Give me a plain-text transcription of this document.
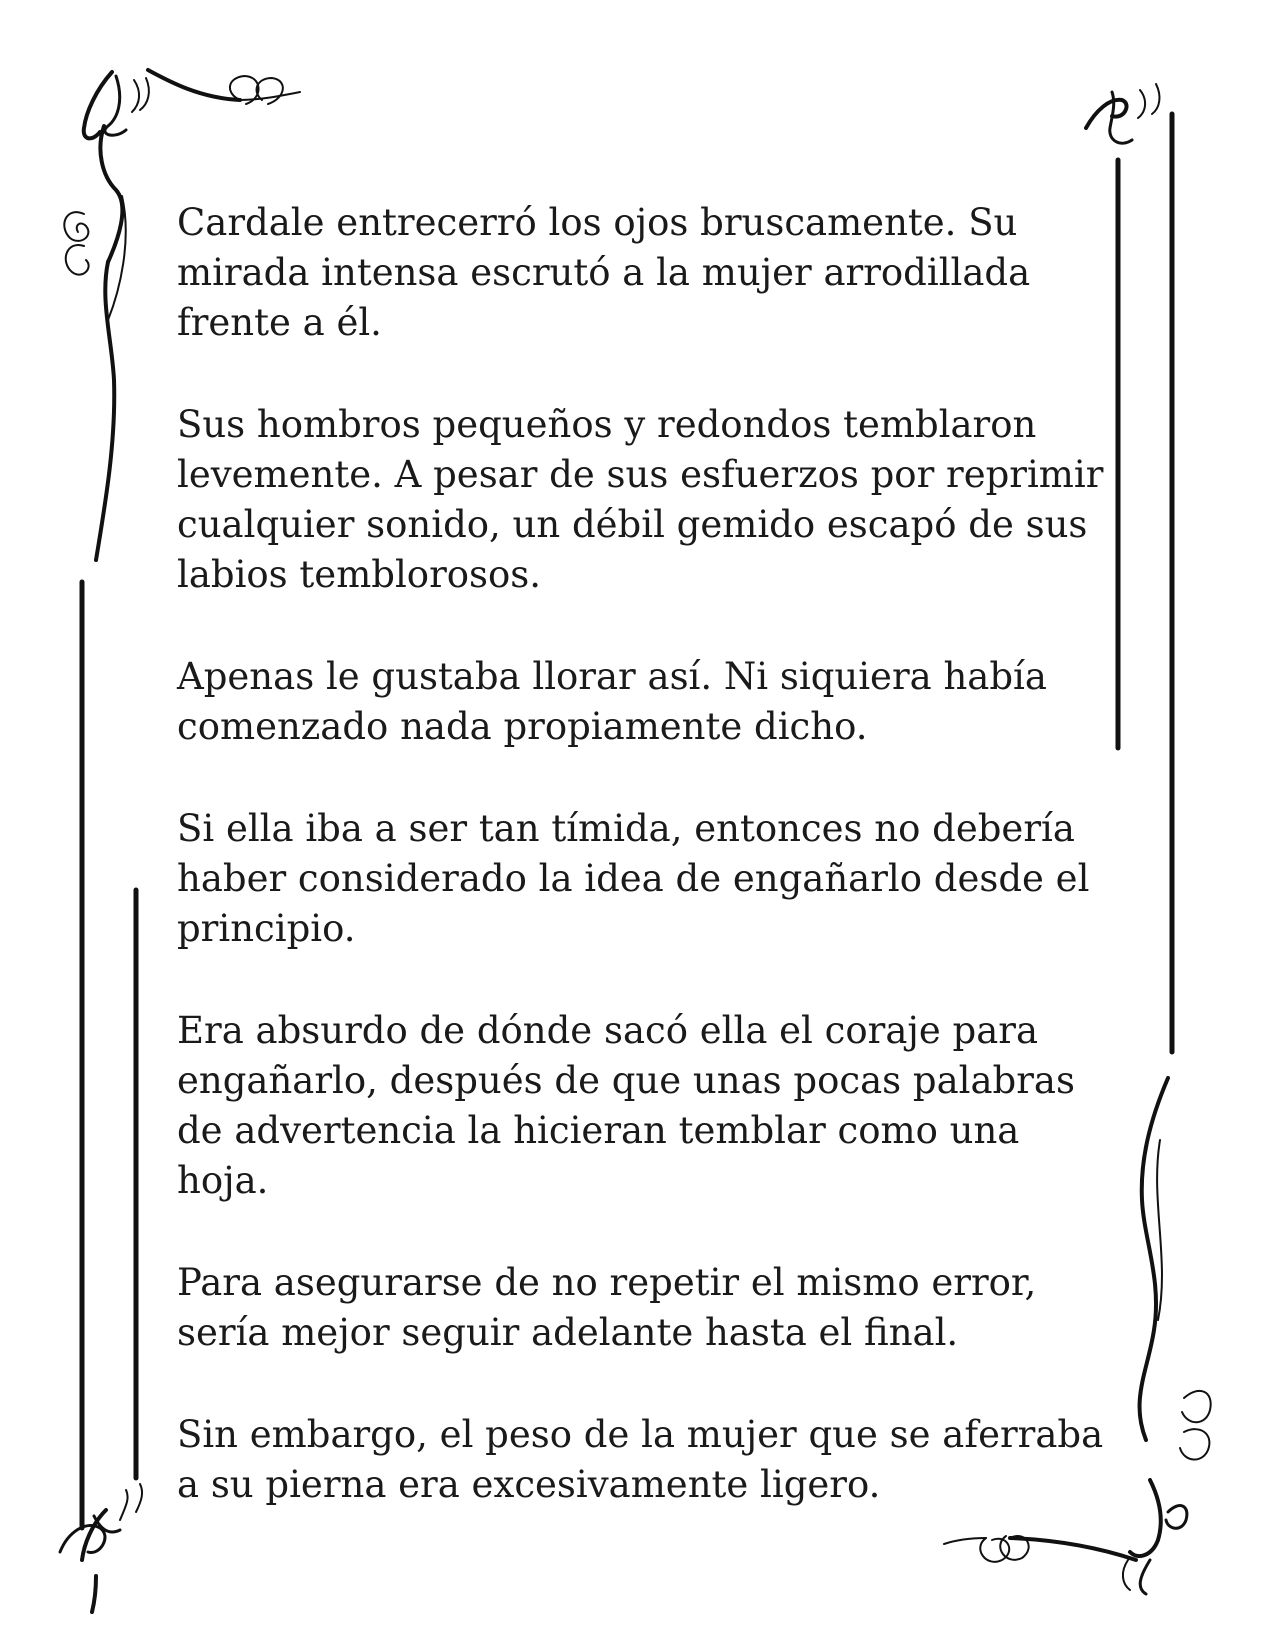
Cardale entrecerró los ojos bruscamente. Su mirada intensa escrutó a la mujer arrodillada frente a él.

Sus hombros pequeños y redondos temblaron levemente. A pesar de sus esfuerzos por reprimir cualquier sonido, un débil gemido escapó de sus labios temblorosos.

Apenas le gustaba llorar así. Ni siquiera había comenzado nada propiamente dicho.

Si ella iba a ser tan tímida, entonces no debería haber considerado la idea de engañarlo desde el principio.

Era absurdo de dónde sacó ella el coraje para engañarlo, después de que unas pocas palabras de advertencia la hicieran temblar como una hoja.

Para asegurarse de no repetir el mismo error, sería mejor seguir adelante hasta el final.

Sin embargo, el peso de la mujer que se aferraba a su pierna era excesivamente ligero.
